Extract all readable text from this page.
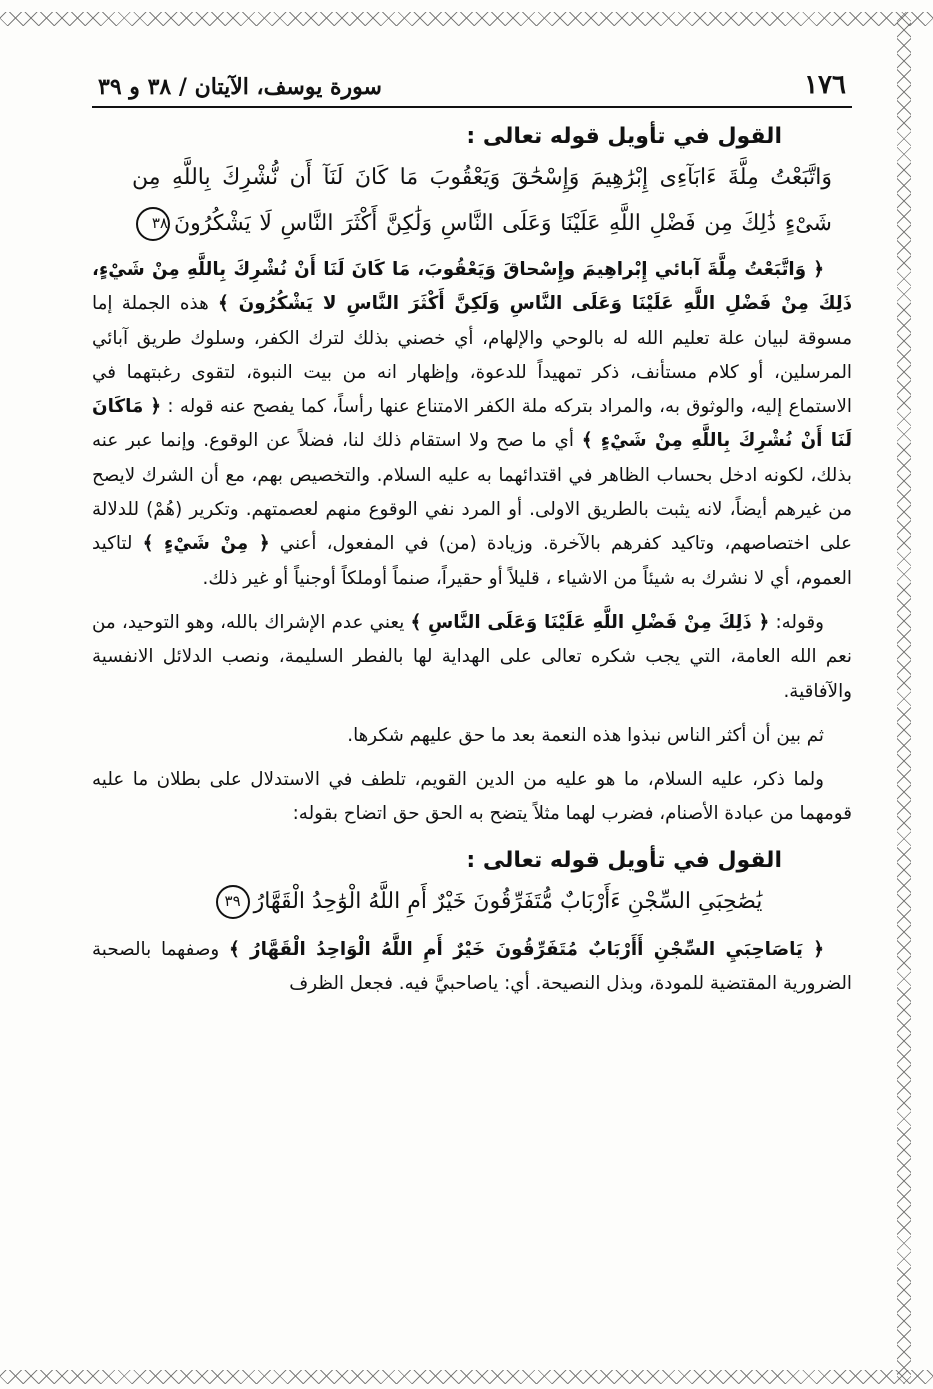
١٧٦
سورة يوسف، الآيتان / ٣٨ و ٣٩
القول في تأويل قوله تعالى :
وَاتَّبَعْتُ مِلَّةَ ءَابَآءِى إِبْرَٰهِيمَ وَإِسْحَٰقَ وَيَعْقُوبَ مَا كَانَ لَنَآ أَن نُّشْرِكَ بِاللَّهِ مِن
شَىْءٍ ذَٰلِكَ مِن فَضْلِ اللَّهِ عَلَيْنَا وَعَلَى النَّاسِ وَلَٰكِنَّ أَكْثَرَ النَّاسِ لَا يَشْكُرُونَ٣٨

﴿ وَاتَّبَعْتُ مِلَّةَ آبائي إِبْراهِيمَ وإِسْحاقَ وَيَعْقُوبَ، مَا كَانَ لَنَا أَنْ نُشْرِكَ بِاللَّهِ مِنْ شَيْءٍ، ذَلِكَ مِنْ فَضْلِ اللَّهِ عَلَيْنَا وَعَلَى النَّاسِ وَلَكِنَّ أَكْثَرَ النَّاسِ لا يَشْكُرُونَ ﴾ هذه الجملة إما مسوقة لبيان علة تعليم الله له بالوحي والإلهام، أي خصني بذلك لترك الكفر، وسلوك طريق آبائي المرسلين، أو كلام مستأنف، ذكر تمهيداً للدعوة، وإظهار انه من بيت النبوة، لتقوى رغبتهما في الاستماع إليه، والوثوق به، والمراد بتركه ملة الكفر الامتناع عنها رأساً، كما يفصح عنه قوله : ﴿ مَاكَانَ لَنَا أَنْ نُشْرِكَ بِاللَّهِ مِنْ شَيْءٍ ﴾ أي ما صح ولا استقام ذلك لنا، فضلاً عن الوقوع. وإنما عبر عنه بذلك، لكونه ادخل بحساب الظاهر في اقتدائهما به عليه السلام. والتخصيص بهم، مع أن الشرك لايصح من غيرهم أيضاً، لانه يثبت بالطريق الاولى. أو المرد نفي الوقوع منهم لعصمتهم. وتكرير (هُمْ) للدلالة على اختصاصهم، وتاكيد كفرهم بالآخرة. وزيادة (من) في المفعول، أعني ﴿ مِنْ شَيْءٍ ﴾ لتاكيد العموم، أي لا نشرك به شيئاً من الاشياء ، قليلاً أو حقيراً، صنماً أوملكاً أوجنياً أو غير ذلك.

وقوله: ﴿ ذَلِكَ مِنْ فَضْلِ اللَّهِ عَلَيْنَا وَعَلَى النَّاسِ ﴾ يعني عدم الإشراك بالله، وهو التوحيد، من نعم الله العامة، التي يجب شكره تعالى على الهداية لها بالفطر السليمة، ونصب الدلائل الانفسية والآفاقية.

ثم بين أن أكثر الناس نبذوا هذه النعمة بعد ما حق عليهم شكرها.

ولما ذكر، عليه السلام، ما هو عليه من الدين القويم، تلطف في الاستدلال على بطلان ما عليه قومهما من عبادة الأصنام، فضرب لهما مثلاً يتضح به الحق حق اتضاح بقوله:

القول في تأويل قوله تعالى :
يَٰصَٰحِبَىِ السِّجْنِ ءَأَرْبَابٌ مُّتَفَرِّقُونَ خَيْرٌ أَمِ اللَّهُ الْوَٰحِدُ الْقَهَّارُ٣٩

﴿ يَاصَاحِبَيِ السِّجْنِ أَأَرْبَابٌ مُتَفَرِّقُونَ خَيْرٌ أَمِ اللَّهُ الْوَاحِدُ الْقَهَّارُ ﴾ وصفهما بالصحبة الضرورية المقتضية للمودة، وبذل النصيحة. أي: ياصاحبيَّ فيه. فجعل الظرف
